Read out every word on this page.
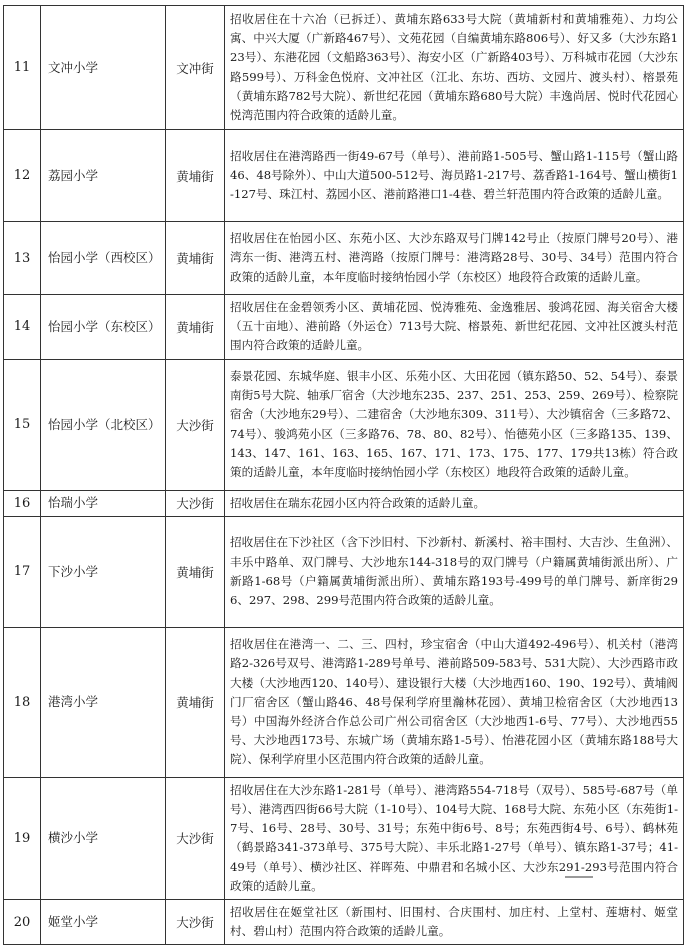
11	文冲小学	文冲街	招收居住在十六冶（已拆迁）、黄埔东路633号大院（黄埔新村和黄埔雅苑）、力均公寓、中兴大厦（广新路467号）、文苑花园（自编黄埔东路806号）、好又多（大沙东路123号）、东港花园（文船路363号）、海安小区（广新路403号）、万科城市花园（大沙东路599号）、万科金色悦府、文冲社区（江北、东坊、西坊、文园片、渡头村）、榕景苑（黄埔东路782号大院）、新世纪花园（黄埔东路680号大院）丰逸尚居、悦时代花园心悦湾范围内符合政策的适龄儿童。
12	荔园小学	黄埔街	招收居住在港湾路西一街49-67号（单号）、港前路1-505号、蟹山路1-115号（蟹山路46、48号除外）、中山大道500-512号、海员路1-217号、荔香路1-164号、蟹山横街1-127号、珠江村、荔园小区、港前路港口1-4巷、碧兰轩范围内符合政策的适龄儿童。
13	怡园小学（西校区）	黄埔街	招收居住在怡园小区、东苑小区、大沙东路双号门牌142号止（按原门牌号20号）、港湾东一街、港湾五村、港湾路（按原门牌号：港湾路28号、30号、34号）范围内符合政策的适龄儿童，本年度临时接纳怡园小学（东校区）地段符合政策的适龄儿童。
14	怡园小学（东校区）	黄埔街	招收居住在金碧领秀小区、黄埔花园、悦涛雅苑、金逸雅居、骏鸿花园、海关宿舍大楼（五十亩地）、港前路（外运仓）713号大院、榕景苑、新世纪花园、文冲社区渡头村范围内符合政策的适龄儿童。
15	怡园小学（北校区）	大沙街	泰景花园、东城华庭、银丰小区、乐苑小区、大田花园（镇东路50、52、54号）、泰景南街5号大院、轴承厂宿舍（大沙地东235、237、251、253、259、269号）、检察院宿舍（大沙地东29号）、二建宿舍（大沙地东309、311号）、大沙镇宿舍（三多路72、74号）、骏鸿苑小区（三多路76、78、80、82号）、怡德苑小区（三多路135、139、143、147、161、163、165、167、171、173、175、177、179共13栋）符合政策的适龄儿童，本年度临时接纳怡园小学（东校区）地段符合政策的适龄儿童。
16	怡瑞小学	大沙街	招收居住在瑞东花园小区内符合政策的适龄儿童。
17	下沙小学	黄埔街	招收居住在下沙社区（含下沙旧村、下沙新村、新溪村、裕丰围村、大吉沙、生鱼洲）、丰乐中路单、双门牌号、大沙地东144-318号的双门牌号（户籍属黄埔街派出所）、广新路1-68号（户籍属黄埔街派出所）、黄埔东路193号-499号的单门牌号、新庠街296、297、298、299号范围内符合政策的适龄儿童。
18	港湾小学	黄埔街	招收居住在港湾一、二、三、四村，珍宝宿舍（中山大道492-496号）、机关村（港湾路2-326号双号、港湾路1-289号单号、港前路509-583号、531大院）、大沙西路市政大楼（大沙地西120、140号）、建设银行大楼（大沙地西160、190、192号）、黄埔阀门厂宿舍区（蟹山路46、48号保利学府里瀚林花园）、黄埔卫检宿舍区（大沙地西13号）中国海外经济合作总公司广州公司宿舍区（大沙地西1-6号、77号）、大沙地西55号、大沙地西173号、东城广场（黄埔东路1-5号）、怡港花园小区（黄埔东路188号大院）、保利学府里小区范围内符合政策的适龄儿童。
19	横沙小学	大沙街	招收居住在大沙东路1-281号（单号）、港湾路554-718号（双号）、585号-687号（单号）、港湾西四街66号大院（1-10号）、104号大院、168号大院、东苑小区（东苑街1-7号、16号、28号、30号、31号；东苑中街6号、8号；东苑西街4号、6号）、鹤林苑（鹤景路341-373单号、375号大院）、丰乐北路1-27号（单号）、镇东路1-37号；41-49号（单号）、横沙社区、祥晖苑、中鼎君和名城小区、大沙东291-293号范围内符合政策的适龄儿童。
20	姬堂小学	大沙街	招收居住在姬堂社区（新围村、旧围村、合庆围村、加庄村、上堂村、莲塘村、姬堂村、碧山村）范围内符合政策的适龄儿童。
